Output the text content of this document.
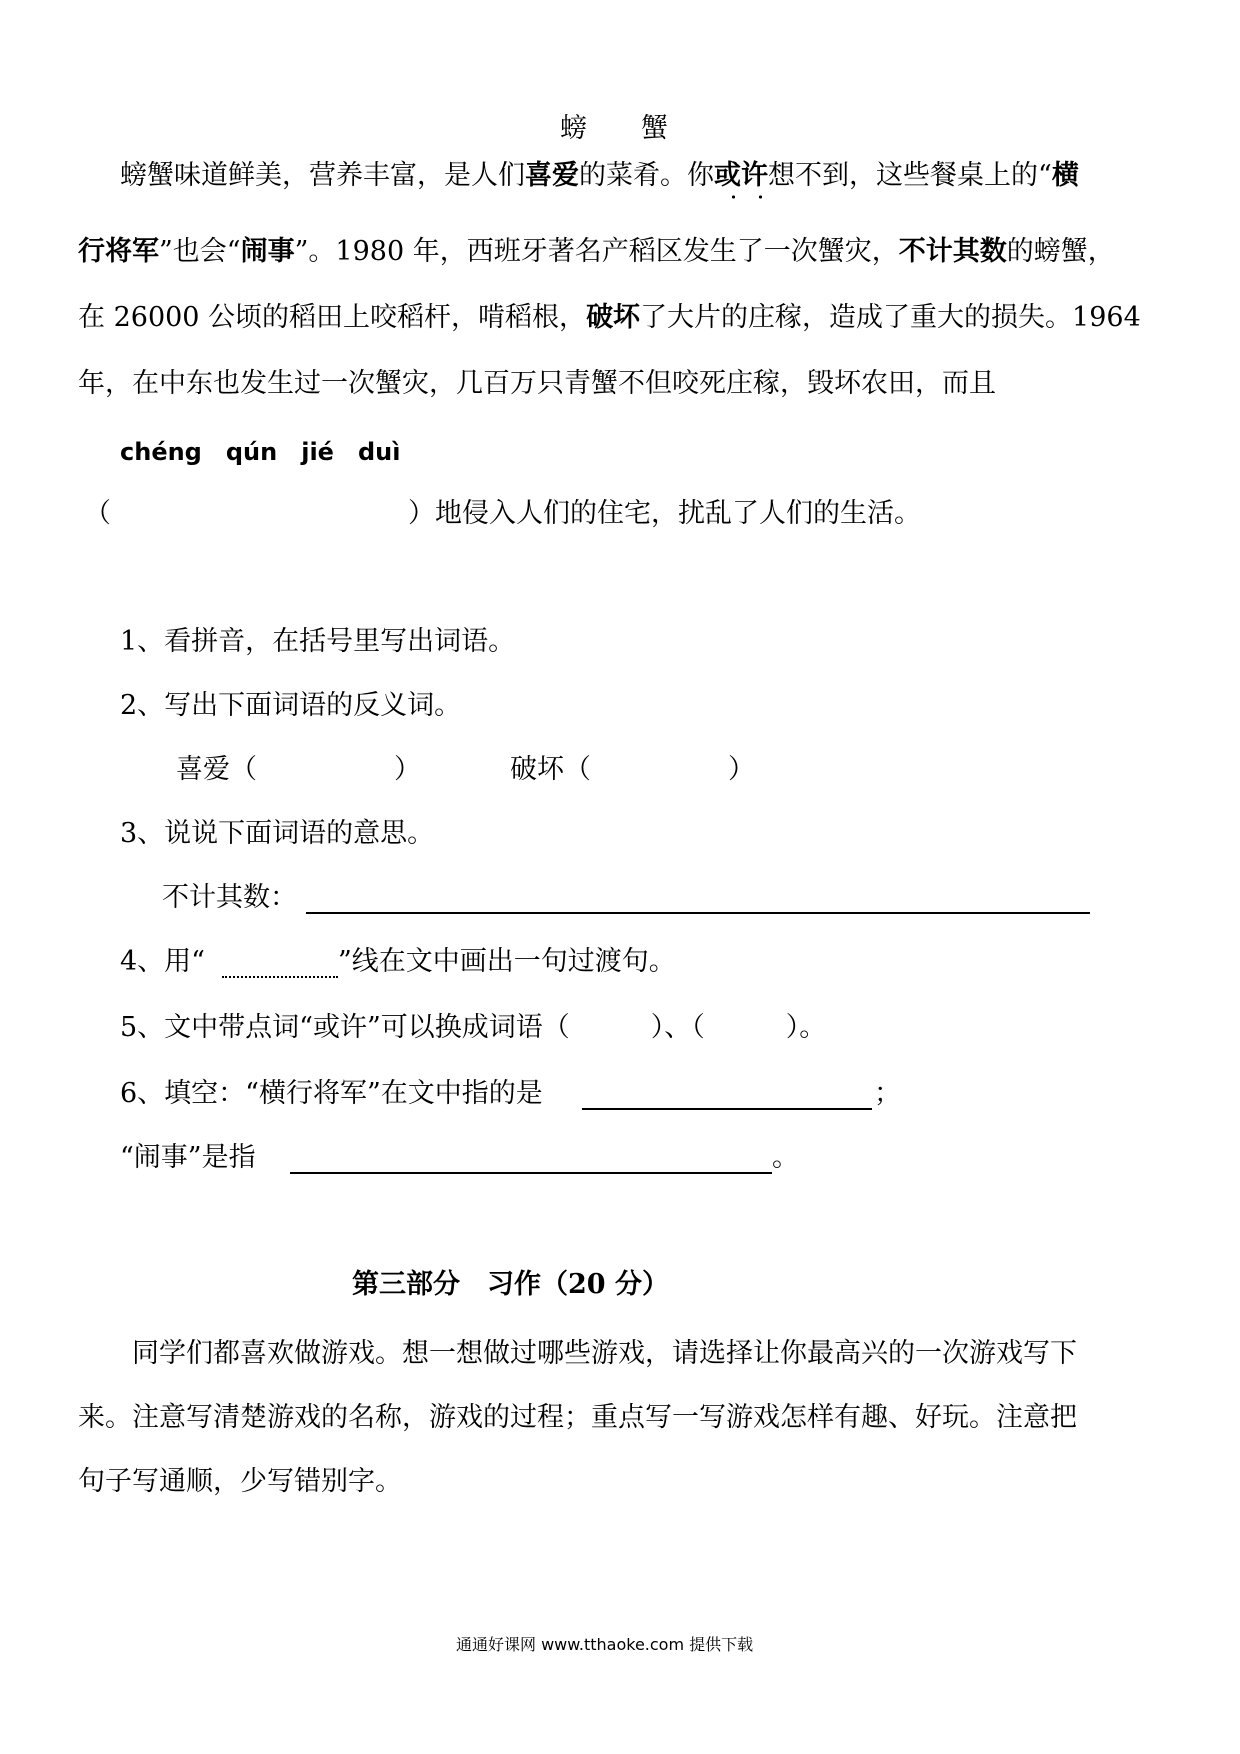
螃 蟹
螃蟹味道鲜美，营养丰富，是人们喜爱的菜肴。你或许想不到，这些餐桌上的“横
行将军”也会“闹事”。1980 年，西班牙著名产稻区发生了一次蟹灾，不计其数的螃蟹，
在 26000 公顷的稻田上咬稻杆，啃稻根，破坏了大片的庄稼，造成了重大的损失。1964
年，在中东也发生过一次蟹灾，几百万只青蟹不但咬死庄稼，毁坏农田，而且
chéng qún jié duì
（	）地侵入人们的住宅，扰乱了人们的生活。
1、看拼音，在括号里写出词语。
2、写出下面词语的反义词。
喜爱（	）	破坏（	）
3、说说下面词语的意思。
不计其数：
4、用“	”线在文中画出一句过渡句。
5、文中带点词“或许”可以换成词语（　　　）、（　　　）。
6、填空：“横行将军”在文中指的是	；
“闹事”是指	。
第三部分　习作（20 分）
同学们都喜欢做游戏。想一想做过哪些游戏，请选择让你最高兴的一次游戏写下
来。注意写清楚游戏的名称，游戏的过程；重点写一写游戏怎样有趣、好玩。注意把
句子写通顺，少写错别字。
通通好课网 www.tthaoke.com 提供下载
